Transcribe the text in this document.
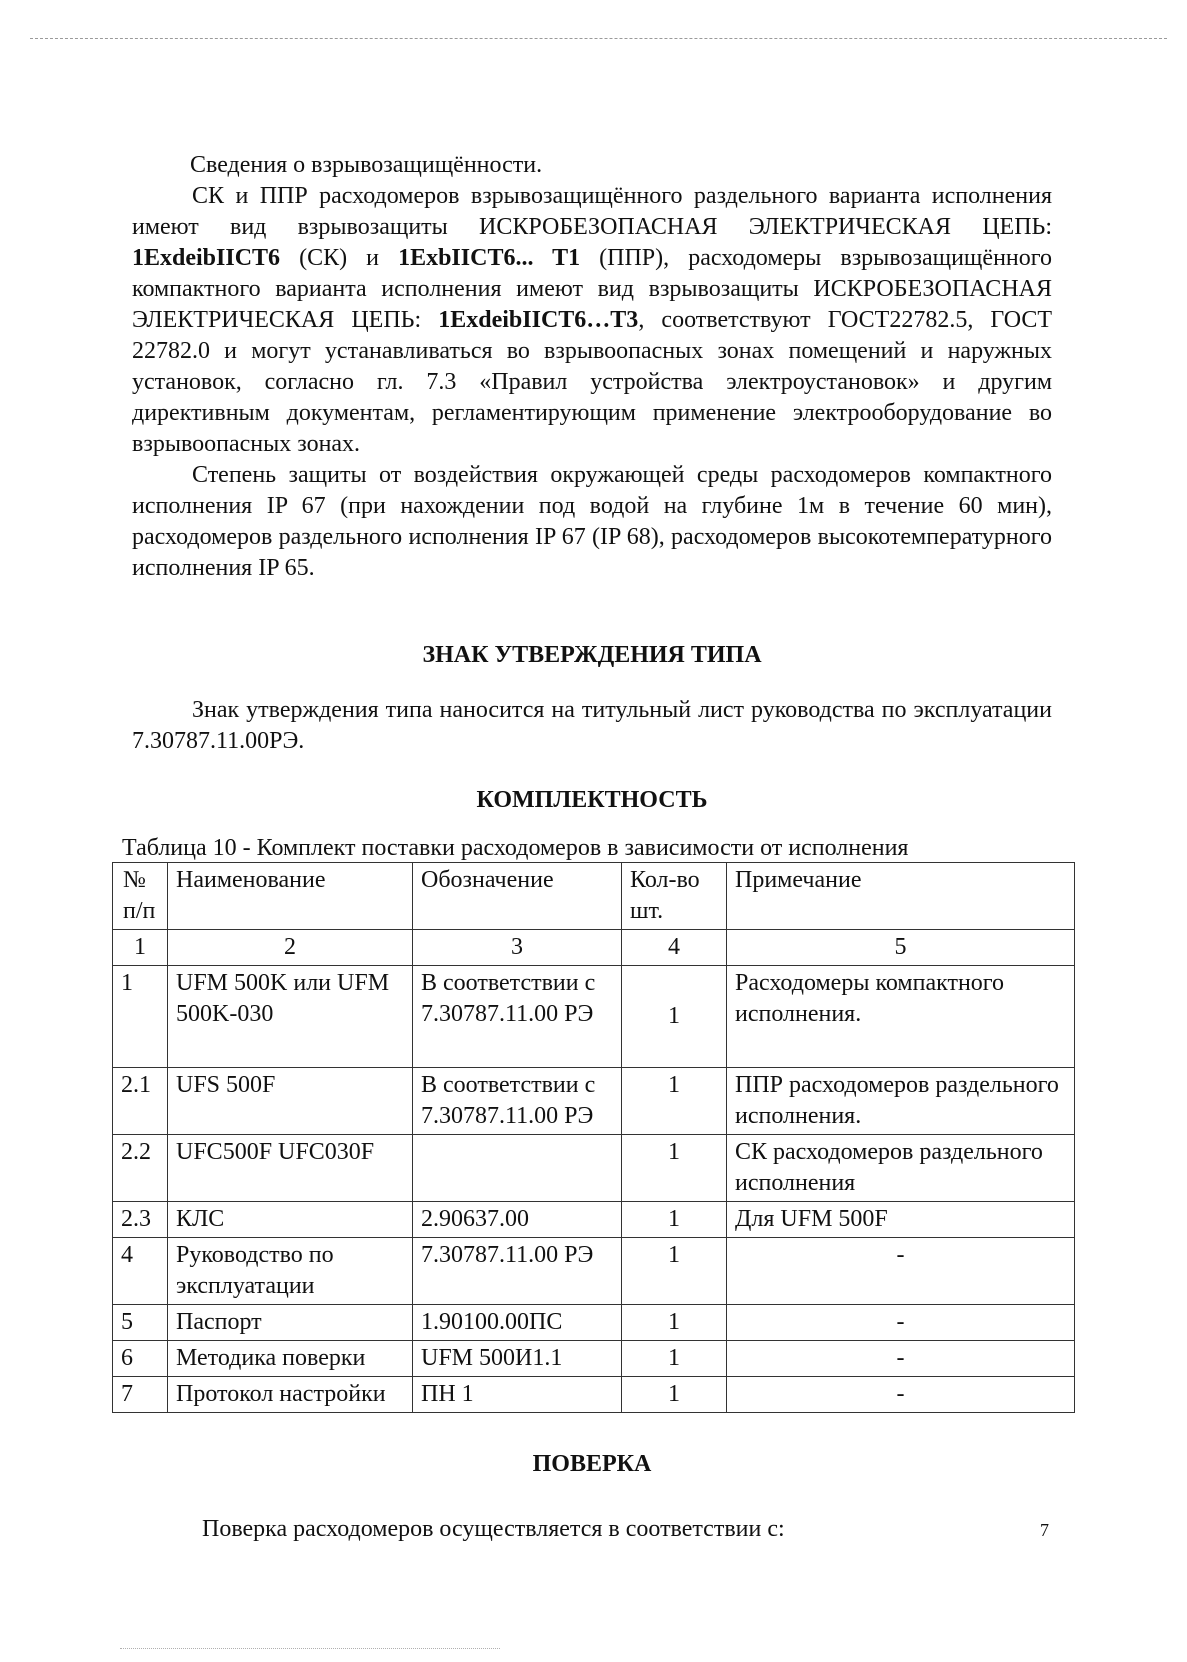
Сведения о взрывозащищённости.

СК и ППР расходомеров взрывозащищённого раздельного варианта исполнения имеют вид взрывозащиты ИСКРОБЕЗОПАСНАЯ ЭЛЕКТРИЧЕСКАЯ ЦЕПЬ: 1ExdeibIICT6 (СК) и 1ExbIICT6... T1 (ППР), расходомеры взрывозащищённого компактного варианта исполнения имеют вид взрывозащиты ИСКРОБЕЗОПАСНАЯ ЭЛЕКТРИЧЕСКАЯ ЦЕПЬ: 1ExdeibIICT6…T3, соответствуют ГОСТ22782.5, ГОСТ 22782.0 и могут устанавливаться во взрывоопасных зонах помещений и наружных установок, согласно гл. 7.3 «Правил устройства электроустановок» и другим директивным документам, регламентирующим применение электрооборудование во взрывоопасных зонах.

Степень защиты от воздействия окружающей среды расходомеров компактного исполнения IP 67 (при нахождении под водой на глубине 1м в течение 60 мин), расходомеров раздельного исполнения IP 67 (IP 68), расходомеров высокотемпературного исполнения IP 65.

ЗНАК УТВЕРЖДЕНИЯ ТИПА

Знак утверждения типа наносится на титульный лист руководства по эксплуатации 7.30787.11.00РЭ.

КОМПЛЕКТНОСТЬ
Таблица 10 - Комплект поставки расходомеров в зависимости от исполнения
№ п/п	Наименование	Обозначение	Кол-во шт.	Примечание
1	2	3	4	5
1	UFM 500K или UFM 500K-030	В соответствии с 7.30787.11.00 РЭ	1	Расходомеры компактного исполнения.
2.1	UFS 500F	В соответствии с 7.30787.11.00 РЭ	1	ППР расходомеров раздельного исполнения.
2.2	UFC500F UFC030F		1	СК расходомеров раздельного исполнения
2.3	КЛС	2.90637.00	1	Для UFM 500F
4	Руководство по эксплуатации	7.30787.11.00 РЭ	1	-
5	Паспорт	1.90100.00ПС	1	-
6	Методика поверки	UFM 500И1.1	1	-
7	Протокол настройки	ПН 1	1	-
ПОВЕРКА

Поверка расходомеров осуществляется в соответствии с:	7
